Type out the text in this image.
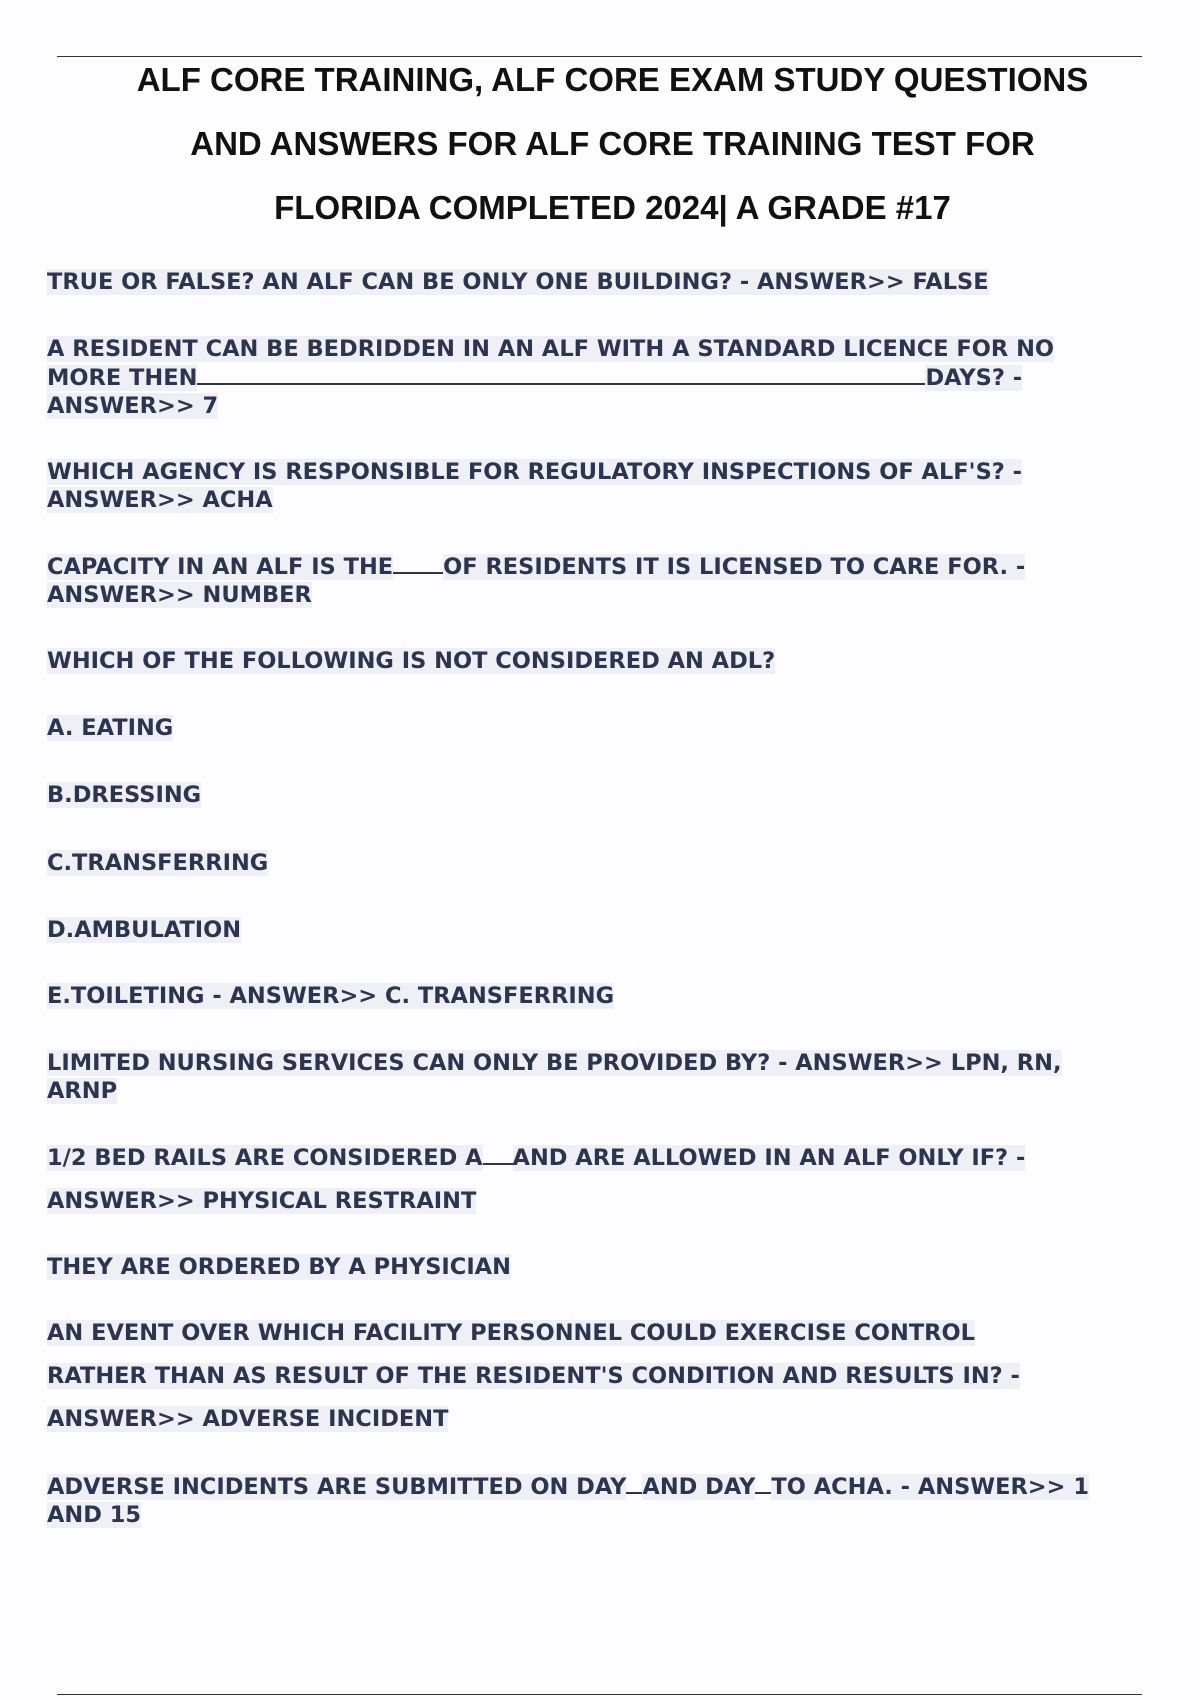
ALF CORE TRAINING, ALF CORE EXAM STUDY QUESTIONS
AND ANSWERS FOR ALF CORE TRAINING TEST FOR
FLORIDA COMPLETED 2024| A GRADE #17

TRUE OR FALSE? AN ALF CAN BE ONLY ONE BUILDING? - ANSWER>> FALSE

A RESIDENT CAN BE BEDRIDDEN IN AN ALF WITH A STANDARD LICENCE FOR NO
MORE THEN	DAYS? -
ANSWER>> 7

WHICH AGENCY IS RESPONSIBLE FOR REGULATORY INSPECTIONS OF ALF'S? -
ANSWER>> ACHA

CAPACITY IN AN ALF IS THE OF RESIDENTS IT IS LICENSED TO CARE FOR. -
ANSWER>> NUMBER

WHICH OF THE FOLLOWING IS NOT CONSIDERED AN ADL?

A. EATING

B.DRESSING

C.TRANSFERRING

D.AMBULATION

E.TOILETING - ANSWER>> C. TRANSFERRING

LIMITED NURSING SERVICES CAN ONLY BE PROVIDED BY? - ANSWER>> LPN, RN,
ARNP

1/2 BED RAILS ARE CONSIDERED A AND ARE ALLOWED IN AN ALF ONLY IF? -
ANSWER>> PHYSICAL RESTRAINT

THEY ARE ORDERED BY A PHYSICIAN

AN EVENT OVER WHICH FACILITY PERSONNEL COULD EXERCISE CONTROL
RATHER THAN AS RESULT OF THE RESIDENT'S CONDITION AND RESULTS IN? -
ANSWER>> ADVERSE INCIDENT

ADVERSE INCIDENTS ARE SUBMITTED ON DAY AND DAY TO ACHA. - ANSWER>> 1
AND 15
